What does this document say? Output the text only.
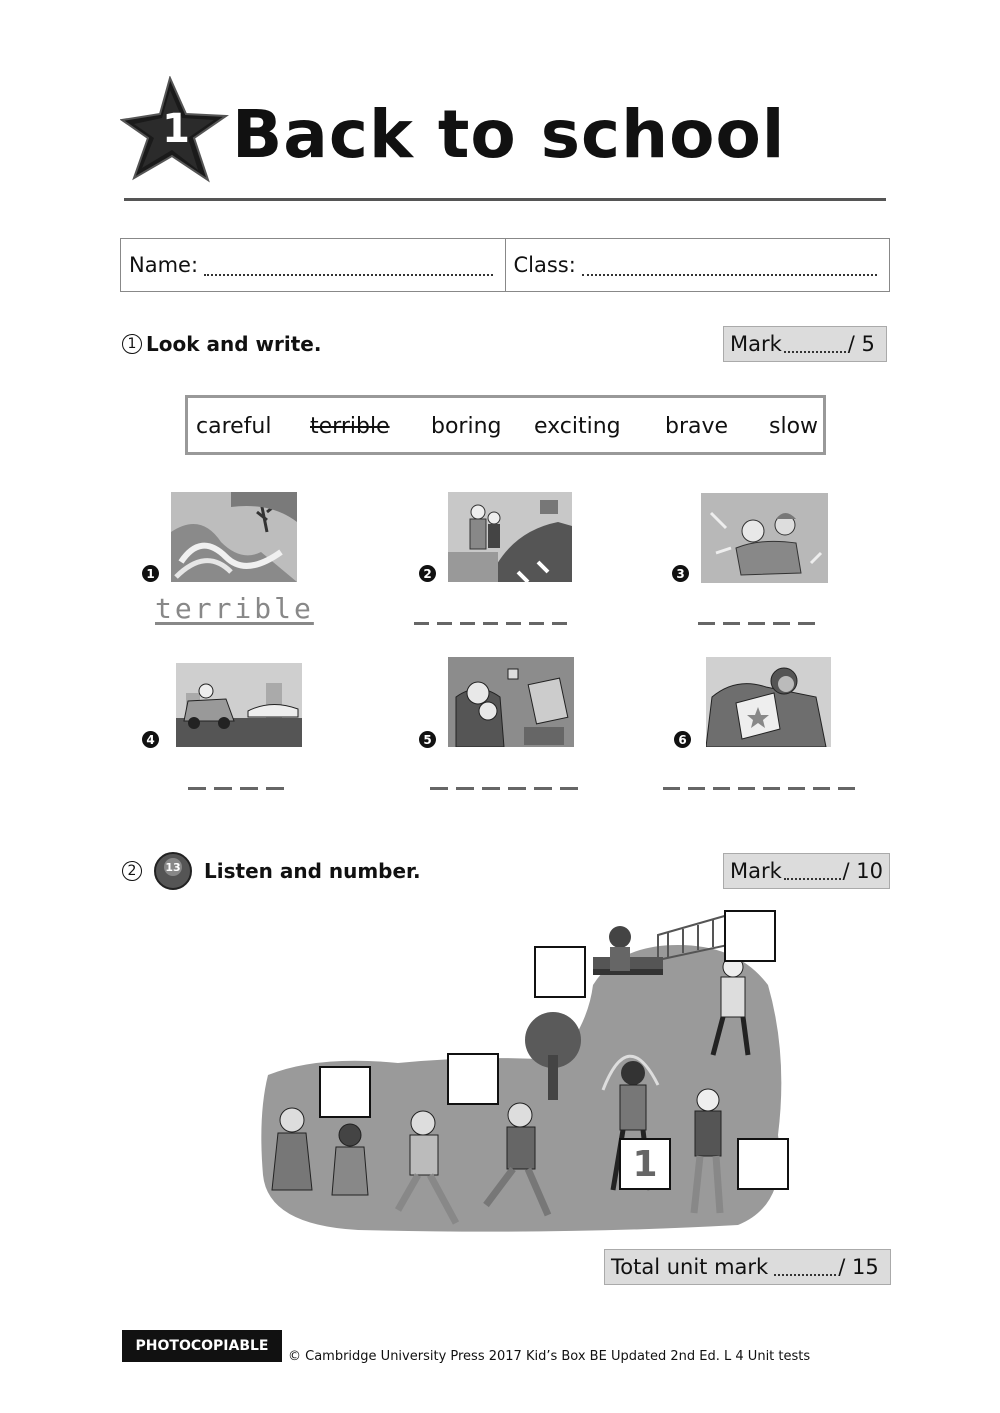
1 Back to school
Name:	Class:
1 Look and write.	Mark	/ 5
careful terrible boring exciting brave slow
1
terrible
2	3
4	5	6
2	13 Listen and number.	Mark	/ 10
1
Total unit mark	/ 15
PHOTOCOPIABLE
© Cambridge University Press 2017 Kid’s Box BE Updated 2nd Ed. L 4 Unit tests
